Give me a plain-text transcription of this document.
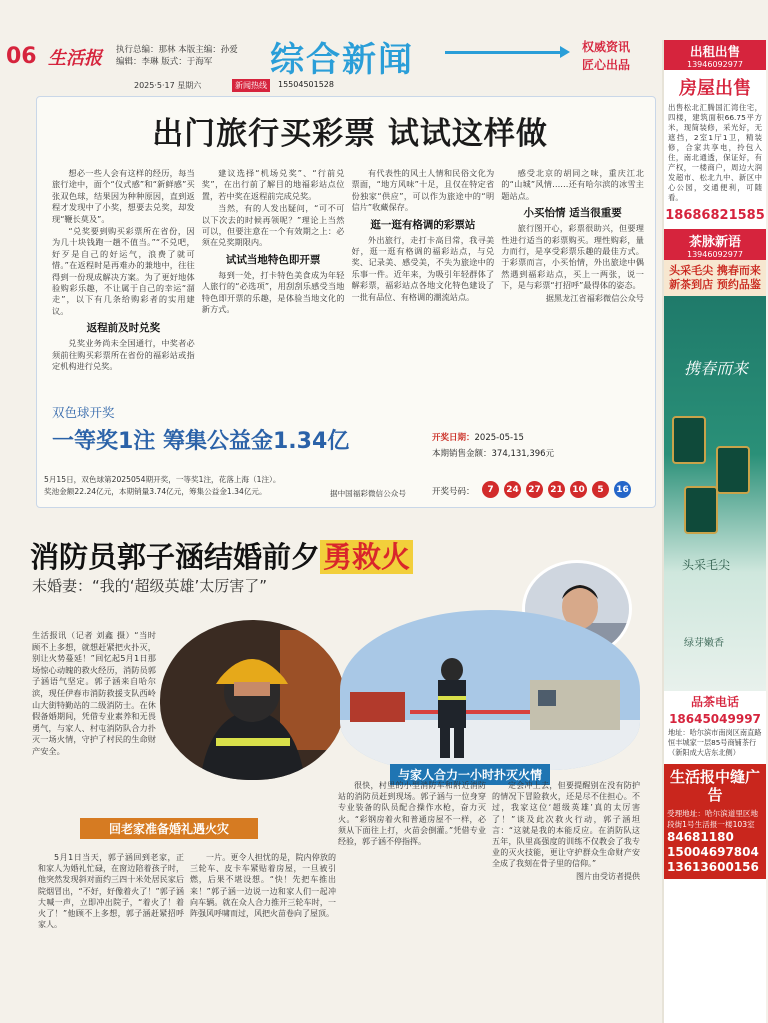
06 生活报 执行总编：那林 本版主编：孙爱
编辑：李琳 版式：于海军	综合新闻	权威资讯
匠心出品
2025·5·17 星期六	新闻热线	15504501528
出门旅行买彩票 试试这样做

想必一些人会有这样的经历，每当旅行途中，面个“仪式感”和“新鲜感”买张双色球，结果因为种种原因，直到返程才发现中了小奖，想要去兑奖，却发现“鞭长莫及”。

“兑奖要到购买彩票所在省份，因为几十块钱跑一趟不值当。”“不兑吧，好歹是自己的好运气，浪费了就可惜。”在返程时是再难办的兼地中，往往得到一份现成解决方案。为了更好地体验购彩乐趣，不让属于自己的幸运“溜走”，以下有几条给购彩者的实用建议。

返程前及时兑奖

兑奖业务尚未全国通行，中奖者必须前往购买彩票所在省份的福彩站或指定机构进行兑奖。

建议选择“机场兑奖”、“行前兑奖”，在出行前了解目的地福彩站点位置，若中奖在返程前完成兑奖。

当然，有的人发出疑问，“可不可以下次去的时候再领呢？”理论上当然可以，但要注意在一个有效期之上：必须在兑奖期限内。

试试当地特色即开票

每到一处，打卡特色美食成为年轻人旅行的“必选项”，用刮刮乐感受当地特色即开票的乐趣，是体验当地文化的新方式。

有代表性的风土人情和民俗文化为票面，“地方风味”十足，且仅在特定省份独家“供应”，可以作为旅途中的“明信片”收藏保存。

逛一逛有格调的彩票站

外出旅行，走打卡高目常，我寻美好，逛一逛有格调的福彩站点，与兑奖、记录美、感受美，不失为旅途中的乐事一件。近年来，为吸引年轻群体了解彩票，福彩站点各地文化特色建设了一批有品位、有格调的潮流站点。

感受北京的胡同之味，重庆江北的“山城”风情……还有哈尔滨的冰雪主题站点。

小买怡情 适当很重要

旅行图开心，彩票很助兴，但要理性进行适当的彩票购买。理性购彩，量力而行，是享受彩票乐趣的最佳方式。于彩票而言，小买怡情，外出旅途中偶然遇到福彩站点，买上一两张，说一下，是与彩票“打招呼”最得体的姿态。

据黑龙江省福彩微信公众号

双色球开奖
一等奖1注 筹集公益金1.34亿
5月15日，双色球第2025054期开奖，一等奖1注，花落上海（1注）。
奖池金额22.24亿元，本期销量3.74亿元，筹集公益金1.34亿元。	据中国福彩微信公众号
开奖日期：2025-05-15
本期销售金额：374,131,396元
开奖号码：	7	24 27 21 10	5	16
消防员郭子涵结婚前夕 勇救火
未婚妻：“我的‘超级英雄’太厉害了”
与家人合力一小时扑灭火情
回老家准备婚礼遇火灾
生活报讯（记者 刘鑫 摄）“当时顾不上多想，就想赶紧把火扑灭，别让火势蔓延！”回忆起5月1日那场惊心动魄的救火经历，消防员郭子涵语气坚定。郭子涵来自哈尔滨，现任伊春市消防救援支队西岭山大街特勤站的二级消防士。在休假备婚期间，凭借专业素养和无畏勇气，与家人、村屯消防队合力扑灭一场火情，守护了村民的生命财产安全。

5月1日当天，郭子涵回到老家，正和家人为婚礼忙碌，在窗边陪着孩子时，他突然发现斜对面约三四十米处居民家后院烟冒出，“不好，好像着火了！”郭子涵大喊一声，立即冲出院子，“着火了！着火了！”他顾不上多想，郭子涵赶紧招呼家人。

一片。更令人担忧的是，院内停放的三轮车、皮卡车紧贴着房屋，一旦被引燃，后果不堪设想。“快！先把车推出来！”郭子涵一边说一边和家人们一起冲向车辆。就在众人合力推开三轮车时，一阵强风呼啸而过，风把火苗卷向了屋顶。

很快，村里的小型消防车和附近消防站的消防员赶到现场。郭子涵与一位身穿专业装备的队员配合操作水枪，奋力灭火。“彩钢房着火和普通房屋不一样，必须从下面往上打，火苗会倒灌。”凭借专业经验，郭子涵不停指挥。

定会冲上去，但要提醒别在没有防护的情况下冒险救火，还是尽不住担心。不过，我家这位‘超级英雄’真的太厉害了！”谈及此次救火行动，郭子涵坦言：“这就是我的本能反应。在消防队这五年，队里高强度的训练不仅教会了我专业的灭火技能，更让守护群众生命财产安全成了我刻在骨子里的信仰。”

图片由受访者提供

出租出售
13946092977
房屋出售
出售松北汇腾国汇湾住宅，四楼，建筑面积66.75平方米，现简装修，采光好，无遮挡，2室1厅1卫，精装修，合家共享电，拎包入住，南北通透，保证好，有产权，一楼商户，周边大润发超市、松北九中、新区中心公园，交通便利，可随看。
18686821585
茶脉新语
13946092977
头采毛尖 携春而来 新茶到店 预约品鉴
携春而来
头采毛尖
绿芽嫩香
品茶电话
18645049997
地址：哈尔滨市南岗区南直路恒丰城家一层85号商铺茶行（新阳成大店东北侧）
生活报中缝广告
受理地址：哈尔滨道里区地段街1号生活报一楼103室
84681180
15004697804
13613600156
